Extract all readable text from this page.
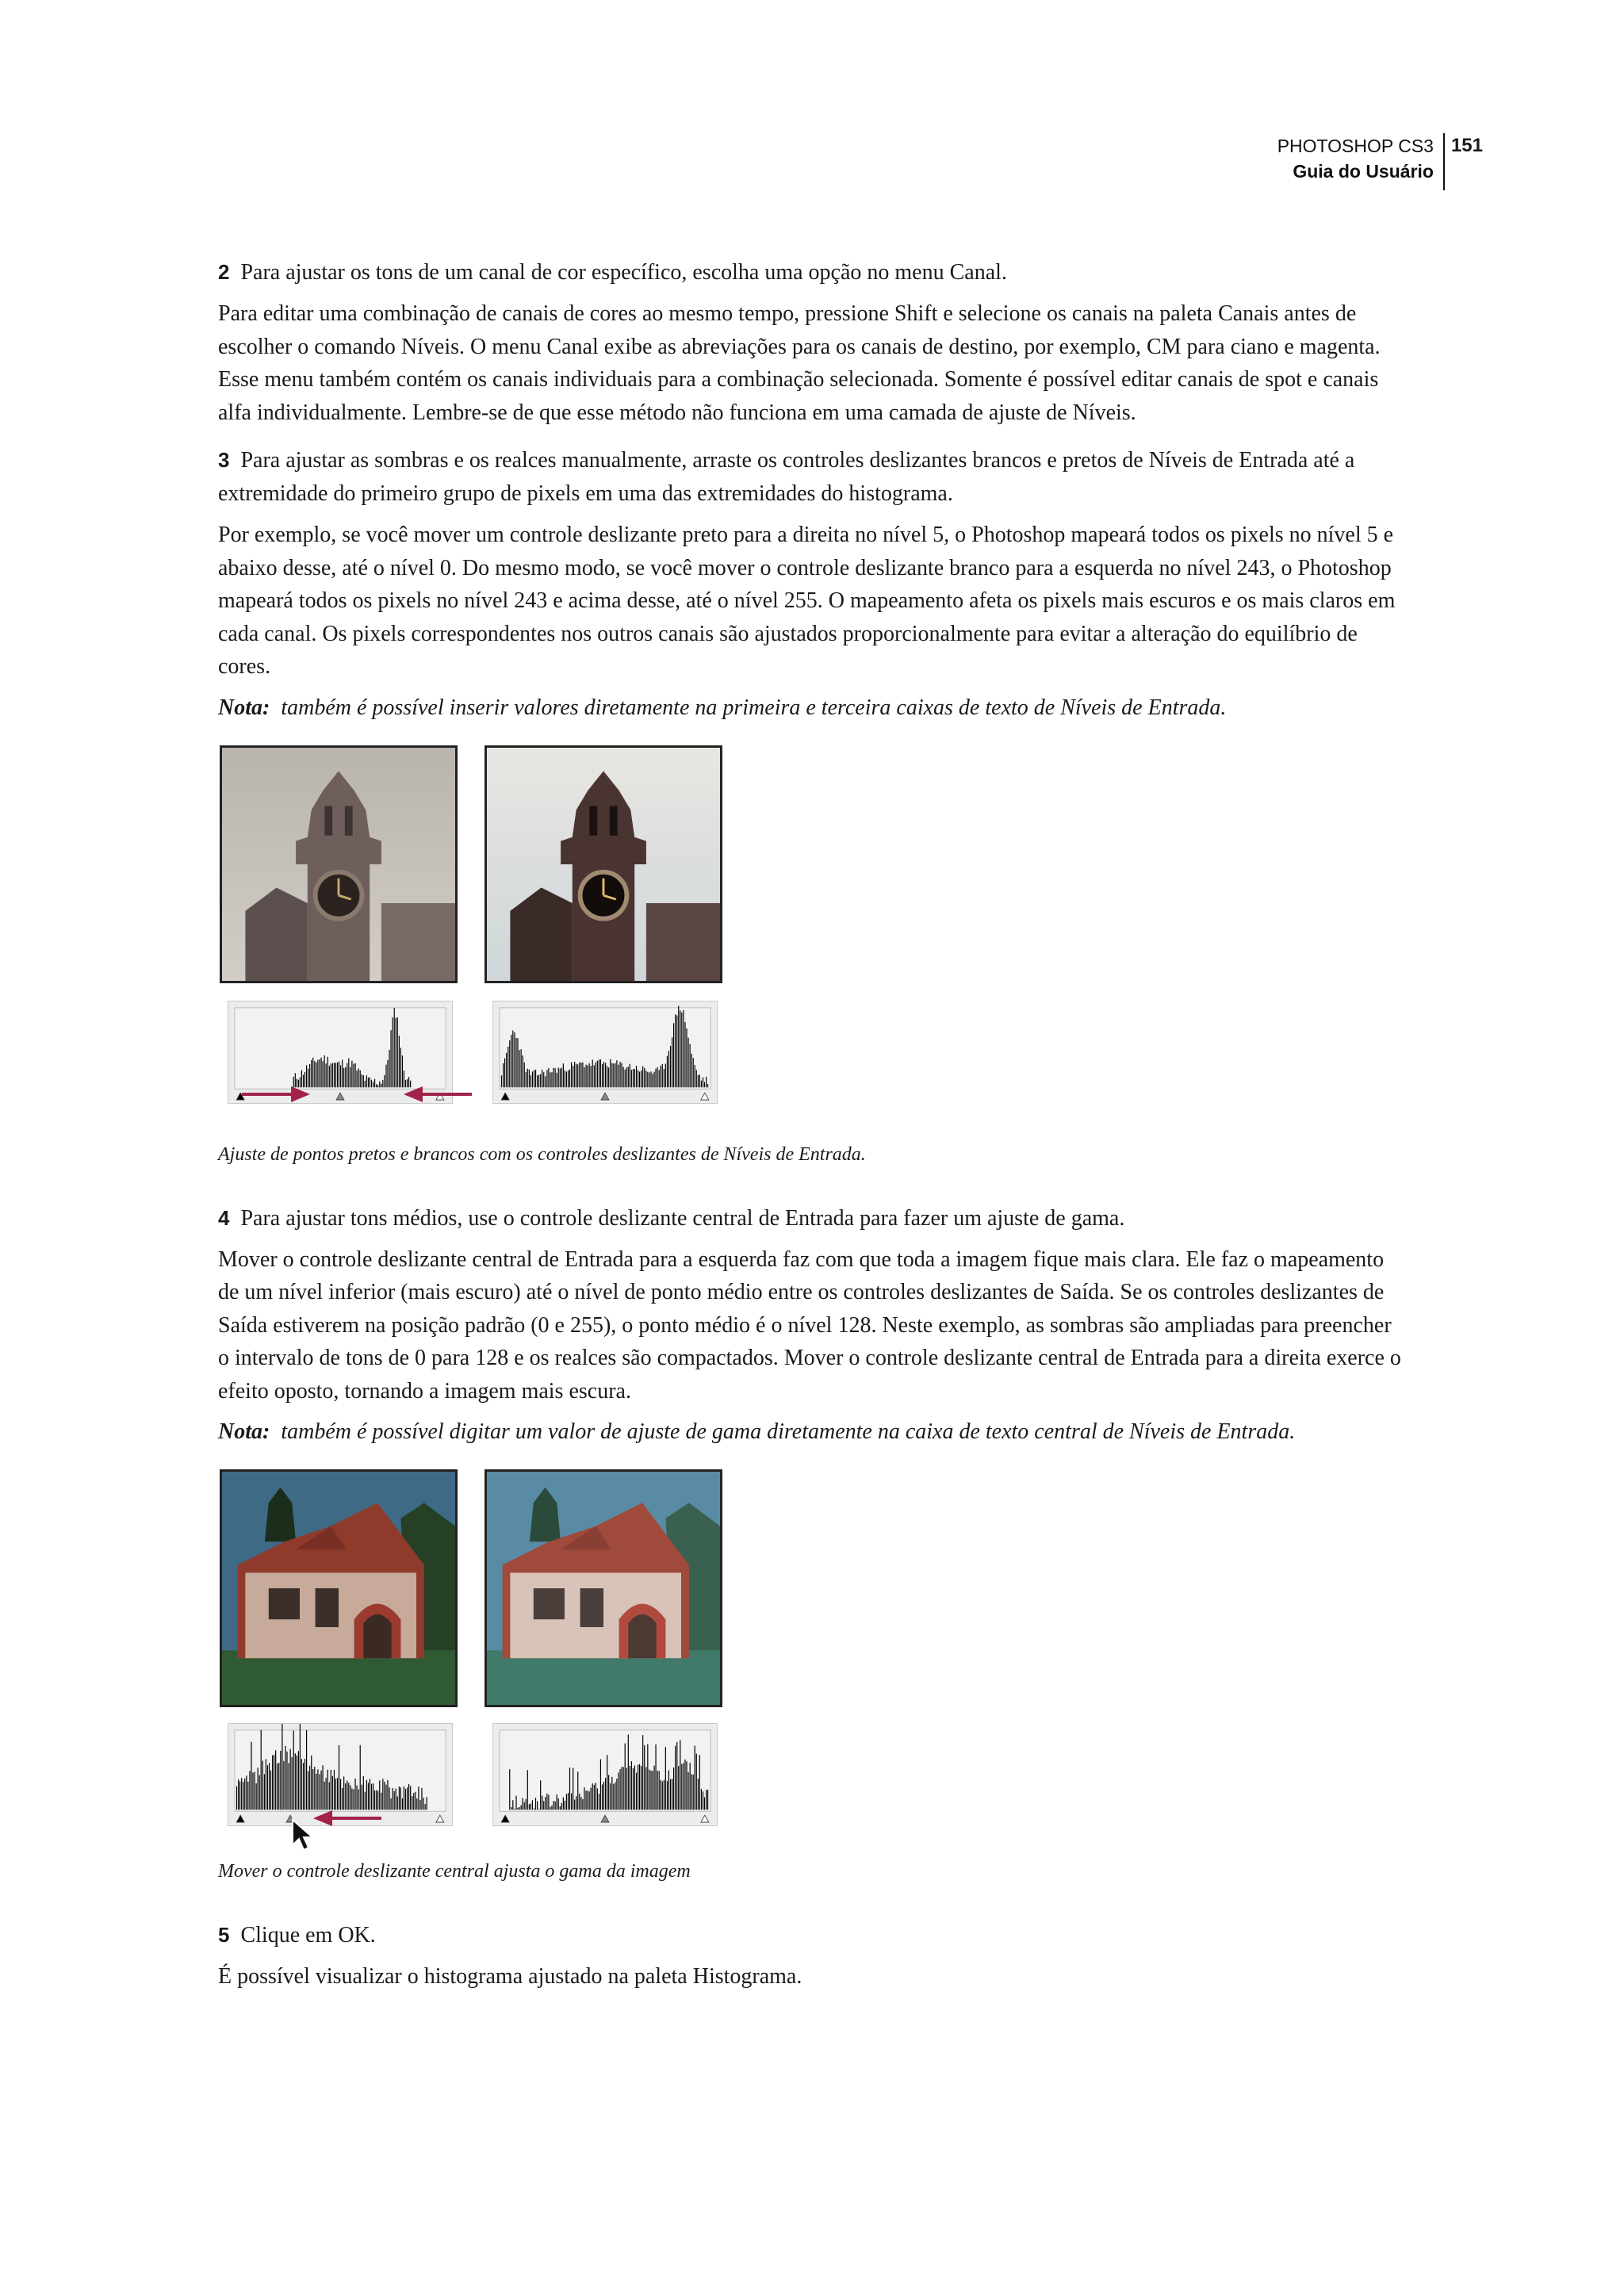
PHOTOSHOP CS3
Guia do Usuário
151

2 Para ajustar os tons de um canal de cor específico, escolha uma opção no menu Canal.

Para editar uma combinação de canais de cores ao mesmo tempo, pressione Shift e selecione os canais na paleta Canais antes de escolher o comando Níveis. O menu Canal exibe as abreviações para os canais de destino, por exemplo, CM para ciano e magenta. Esse menu também contém os canais individuais para a combinação selecionada. Somente é possível editar canais de spot e canais alfa individualmente. Lembre-se de que esse método não funciona em uma camada de ajuste de Níveis.

3 Para ajustar as sombras e os realces manualmente, arraste os controles deslizantes brancos e pretos de Níveis de Entrada até a extremidade do primeiro grupo de pixels em uma das extremidades do histograma.

Por exemplo, se você mover um controle deslizante preto para a direita no nível 5, o Photoshop mapeará todos os pixels no nível 5 e abaixo desse, até o nível 0. Do mesmo modo, se você mover o controle deslizante branco para a esquerda no nível 243, o Photoshop mapeará todos os pixels no nível 243 e acima desse, até o nível 255. O mapeamento afeta os pixels mais escuros e os mais claros em cada canal. Os pixels correspondentes nos outros canais são ajustados proporcionalmente para evitar a alteração do equilíbrio de cores.

Nota: também é possível inserir valores diretamente na primeira e terceira caixas de texto de Níveis de Entrada.

Ajuste de pontos pretos e brancos com os controles deslizantes de Níveis de Entrada.

4 Para ajustar tons médios, use o controle deslizante central de Entrada para fazer um ajuste de gama.

Mover o controle deslizante central de Entrada para a esquerda faz com que toda a imagem fique mais clara. Ele faz o mapeamento de um nível inferior (mais escuro) até o nível de ponto médio entre os controles deslizantes de Saída. Se os controles deslizantes de Saída estiverem na posição padrão (0 e 255), o ponto médio é o nível 128. Neste exemplo, as sombras são ampliadas para preencher o intervalo de tons de 0 para 128 e os realces são compactados. Mover o controle deslizante central de Entrada para a direita exerce o efeito oposto, tornando a imagem mais escura.

Nota: também é possível digitar um valor de ajuste de gama diretamente na caixa de texto central de Níveis de Entrada.

Mover o controle deslizante central ajusta o gama da imagem

5 Clique em OK.

É possível visualizar o histograma ajustado na paleta Histograma.
